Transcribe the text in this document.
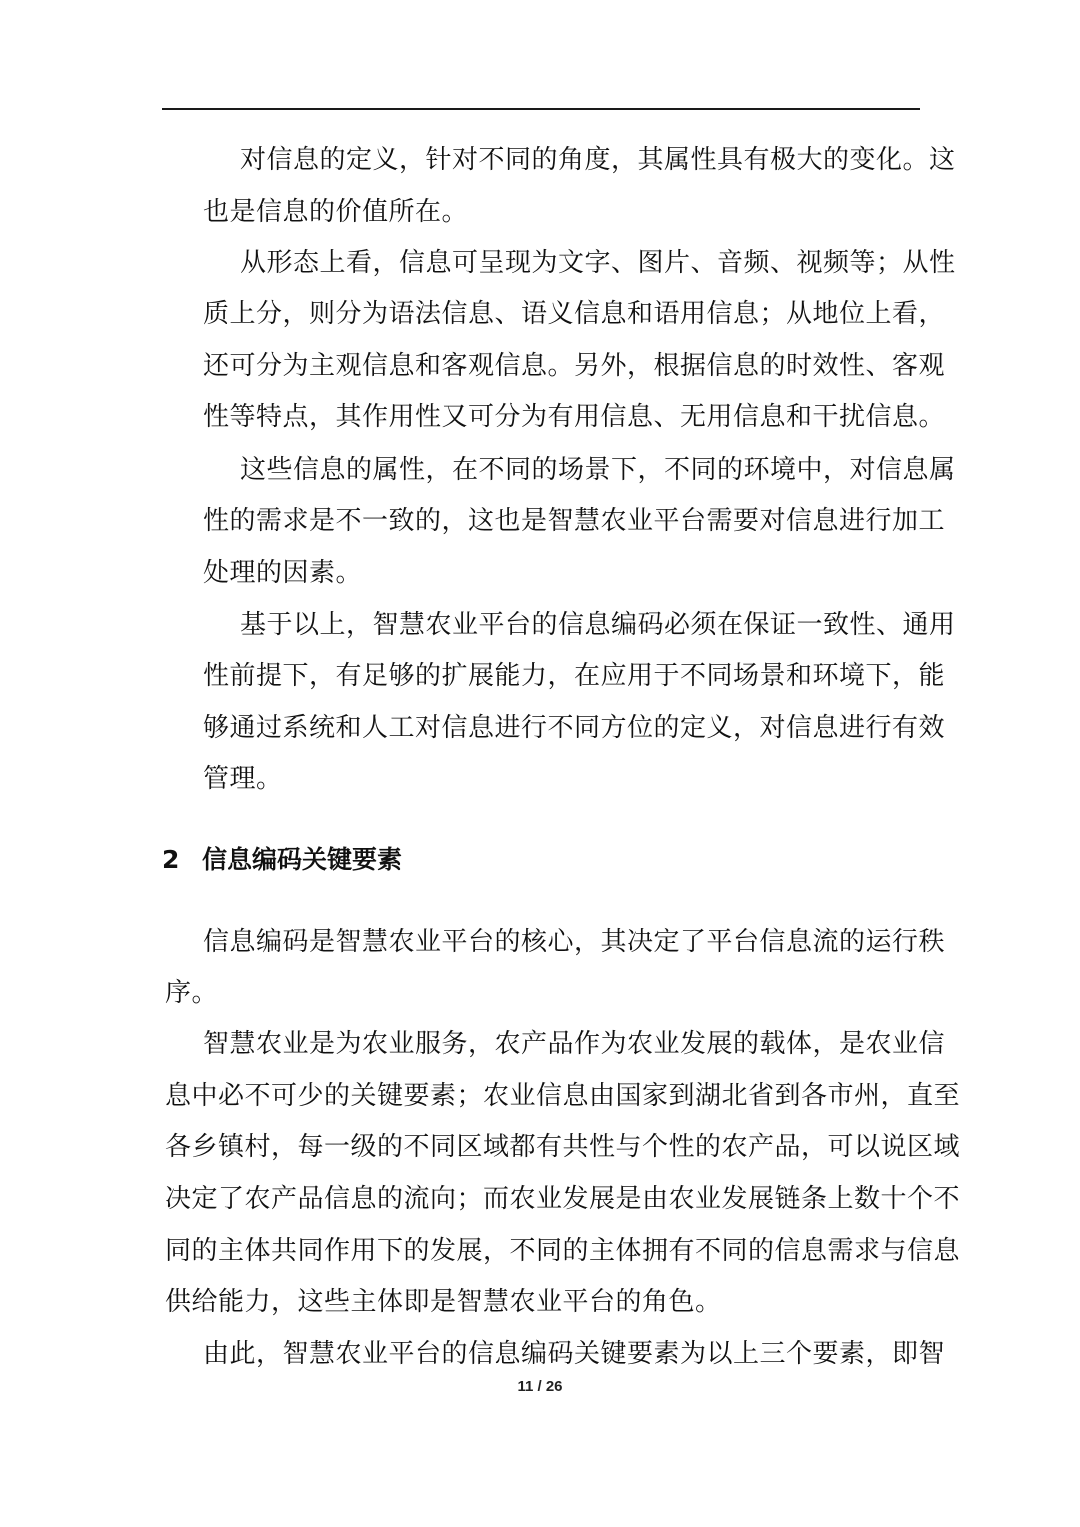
对信息的定义，针对不同的角度，其属性具有极大的变化。这
也是信息的价值所在。
从形态上看，信息可呈现为文字、图片、音频、视频等；从性
质上分，则分为语法信息、语义信息和语用信息；从地位上看，
还可分为主观信息和客观信息。另外，根据信息的时效性、客观
性等特点，其作用性又可分为有用信息、无用信息和干扰信息。
这些信息的属性，在不同的场景下，不同的环境中，对信息属
性的需求是不一致的，这也是智慧农业平台需要对信息进行加工
处理的因素。
基于以上，智慧农业平台的信息编码必须在保证一致性、通用
性前提下，有足够的扩展能力，在应用于不同场景和环境下，能
够通过系统和人工对信息进行不同方位的定义，对信息进行有效
管理。
2 信息编码关键要素
信息编码是智慧农业平台的核心，其决定了平台信息流的运行秩
序。
智慧农业是为农业服务，农产品作为农业发展的载体，是农业信
息中必不可少的关键要素；农业信息由国家到湖北省到各市州，直至
各乡镇村，每一级的不同区域都有共性与个性的农产品，可以说区域
决定了农产品信息的流向；而农业发展是由农业发展链条上数十个不
同的主体共同作用下的发展，不同的主体拥有不同的信息需求与信息
供给能力，这些主体即是智慧农业平台的角色。
由此，智慧农业平台的信息编码关键要素为以上三个要素，即智
11 / 26
